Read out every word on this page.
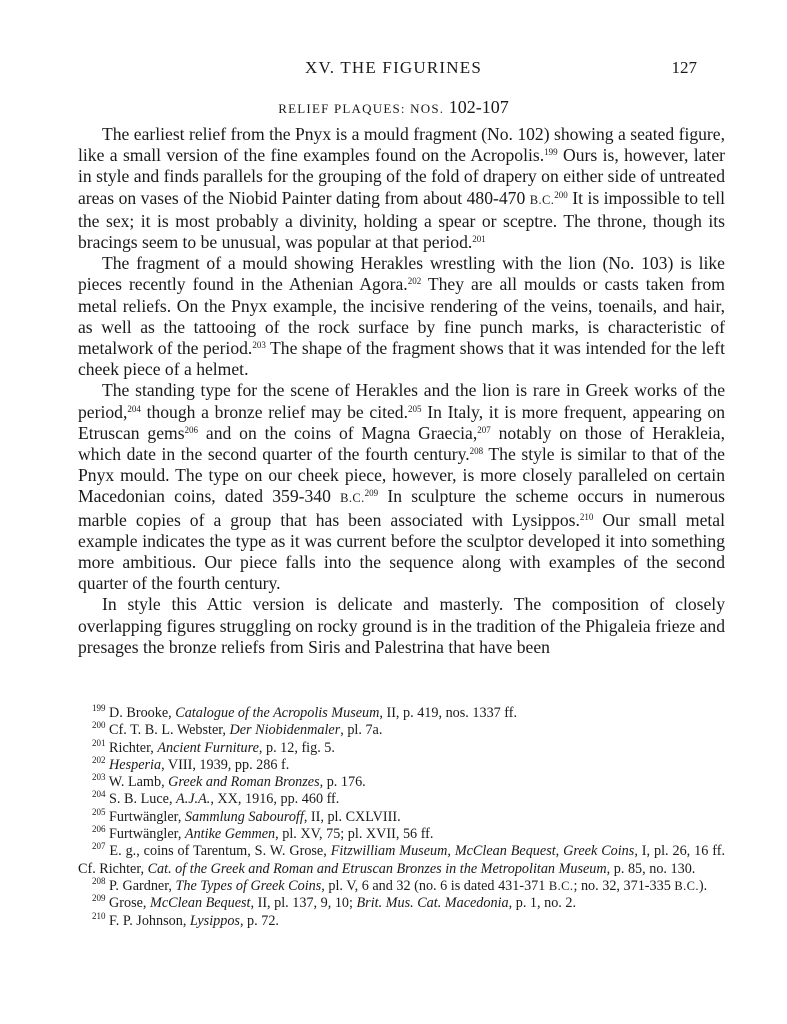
XV. THE FIGURINES	127
RELIEF PLAQUES: NOS. 102-107

The earliest relief from the Pnyx is a mould fragment (No. 102) showing a seated figure, like a small version of the fine examples found on the Acropolis.$^{199}$ Ours is, however, later in style and finds parallels for the grouping of the fold of drapery on either side of untreated areas on vases of the Niobid Painter dating from about 480-470 B.C.$^{200}$ It is impossible to tell the sex; it is most probably a divinity, holding a spear or sceptre. The throne, though its bracings seem to be unusual, was popular at that period.$^{201}$

The fragment of a mould showing Herakles wrestling with the lion (No. 103) is like pieces recently found in the Athenian Agora.$^{202}$ They are all moulds or casts taken from metal reliefs. On the Pnyx example, the incisive rendering of the veins, toenails, and hair, as well as the tattooing of the rock surface by fine punch marks, is characteristic of metalwork of the period.$^{203}$ The shape of the fragment shows that it was intended for the left cheek piece of a helmet.

The standing type for the scene of Herakles and the lion is rare in Greek works of the period,$^{204}$ though a bronze relief may be cited.$^{205}$ In Italy, it is more frequent, appearing on Etruscan gems$^{206}$ and on the coins of Magna Graecia,$^{207}$ notably on those of Herakleia, which date in the second quarter of the fourth century.$^{208}$ The style is similar to that of the Pnyx mould. The type on our cheek piece, however, is more closely paralleled on certain Macedonian coins, dated 359-340 B.C.$^{209}$ In sculpture the scheme occurs in numerous marble copies of a group that has been associated with Lysippos.$^{210}$ Our small metal example indicates the type as it was current before the sculptor developed it into something more ambitious. Our piece falls into the sequence along with examples of the second quarter of the fourth century.

In style this Attic version is delicate and masterly. The composition of closely overlapping figures struggling on rocky ground is in the tradition of the Phigaleia frieze and presages the bronze reliefs from Siris and Palestrina that have been

$^{199}$ D. Brooke, Catalogue of the Acropolis Museum, II, p. 419, nos. 1337 ff.

$^{200}$ Cf. T. B. L. Webster, Der Niobidenmaler, pl. 7a.

$^{201}$ Richter, Ancient Furniture, p. 12, fig. 5.

$^{202}$ Hesperia, VIII, 1939, pp. 286 f.

$^{203}$ W. Lamb, Greek and Roman Bronzes, p. 176.

$^{204}$ S. B. Luce, A.J.A., XX, 1916, pp. 460 ff.

$^{205}$ Furtwängler, Sammlung Sabouroff, II, pl. CXLVIII.

$^{206}$ Furtwängler, Antike Gemmen, pl. XV, 75; pl. XVII, 56 ff.

$^{207}$ E. g., coins of Tarentum, S. W. Grose, Fitzwilliam Museum, McClean Bequest, Greek Coins, I, pl. 26, 16 ff. Cf. Richter, Cat. of the Greek and Roman and Etruscan Bronzes in the Metropolitan Museum, p. 85, no. 130.

$^{208}$ P. Gardner, The Types of Greek Coins, pl. V, 6 and 32 (no. 6 is dated 431-371 B.C.; no. 32, 371-335 B.C.).

$^{209}$ Grose, McClean Bequest, II, pl. 137, 9, 10; Brit. Mus. Cat. Macedonia, p. 1, no. 2.

$^{210}$ F. P. Johnson, Lysippos, p. 72.
